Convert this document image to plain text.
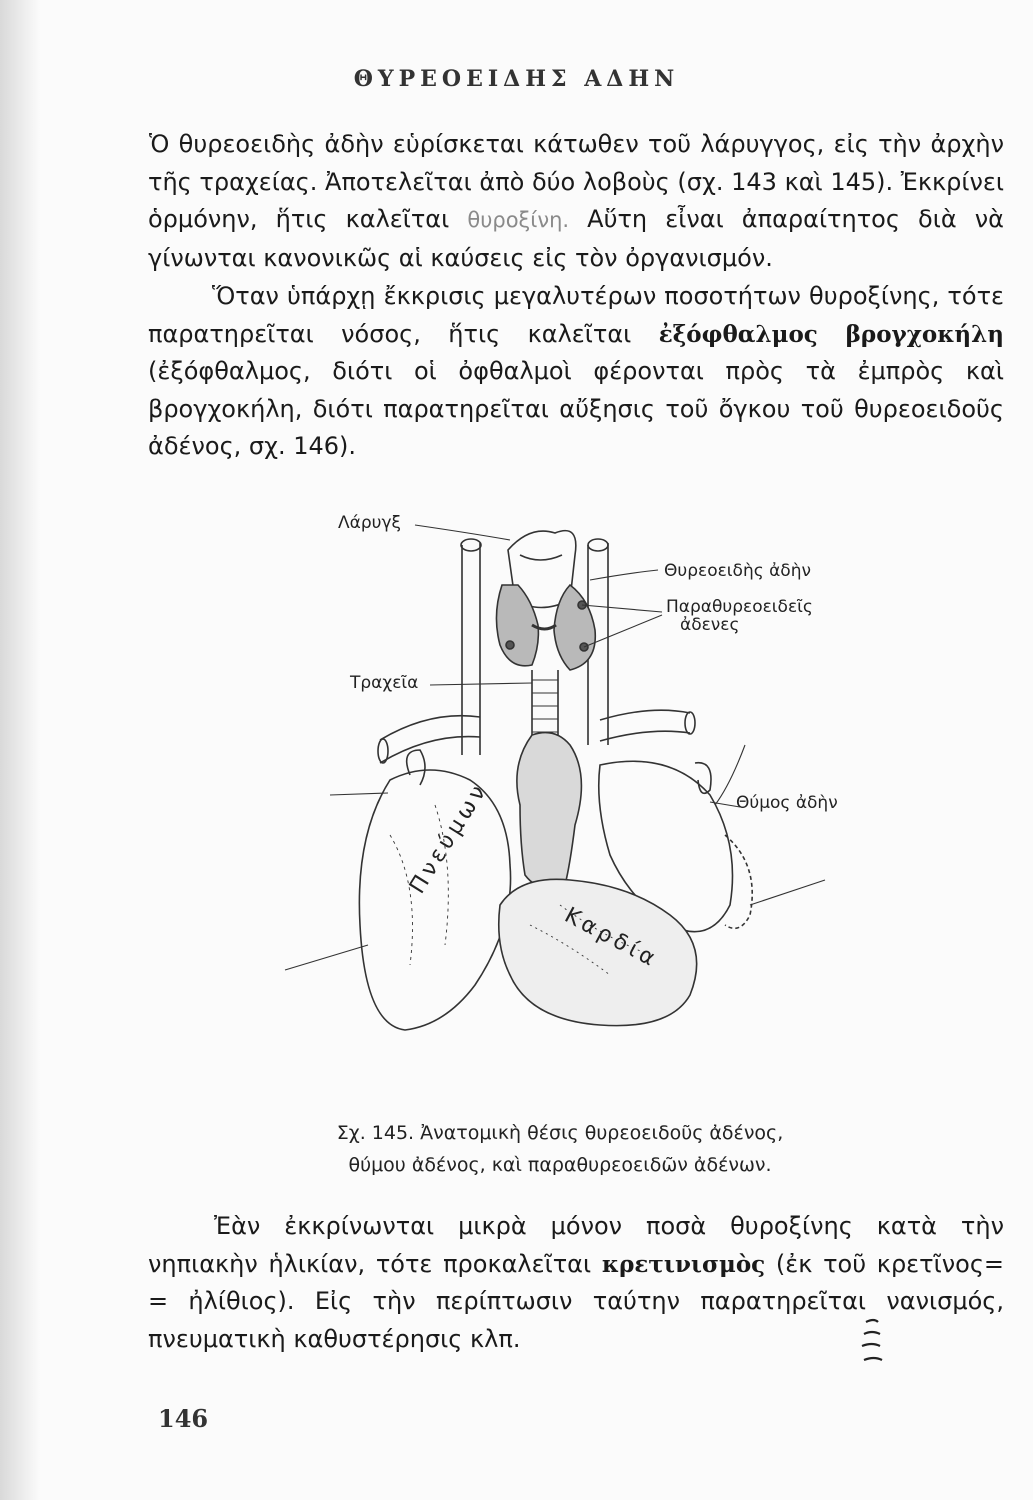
ΘΥΡΕΟΕΙΔΗΣ ΑΔΗΝ
Ὁ θυρεοειδὴς ἀδὴν εὑρίσκεται κάτωθεν τοῦ λάρυγγος, εἰς τὴν ἀρχὴν τῆς τραχείας. Ἀποτελεῖται ἀπὸ δύο λοβοὺς (σχ. 143 καὶ 145). Ἐκκρίνει ὁρμόνην, ἥτις καλεῖται θυροξίνη. Αὕτη εἶναι ἀπαραίτητος διὰ νὰ γίνωνται κανονικῶς αἱ καύσεις εἰς τὸν ὀργανισμόν.
Ὅταν ὑπάρχῃ ἔκκρισις μεγαλυτέρων ποσοτήτων θυροξίνης, τότε παρατηρεῖται νόσος, ἥτις καλεῖται ἐξόφθαλμος βρογχοκήλη (ἐξόφθαλμος, διότι οἱ ὀφθαλμοὶ φέρονται πρὸς τὰ ἐμπρὸς καὶ βρογχοκήλη, διότι παρατηρεῖται αὔξησις τοῦ ὄγκου τοῦ θυρεοειδοῦς ἀδένος, σχ. 146).
Λάρυγξ
Θυρεοειδὴς ἀδὴν
Παραθυρεοειδεῖς
ἀδενες
Τραχεῖα
Θύμος ἀδὴν
Πνεύμων
Καρδία
Σχ. 145. Ἀνατομικὴ θέσις θυρεοειδοῦς ἀδένος,
θύμου ἀδένος, καὶ παραθυρεοειδῶν ἀδένων.
Ἐὰν ἐκκρίνωνται μικρὰ μόνον ποσὰ θυροξίνης κατὰ τὴν νηπιακὴν ἡλικίαν, τότε προκαλεῖται κρετινισμὸς (ἐκ τοῦ κρετῖνος= = ἠλίθιος). Εἰς τὴν περίπτωσιν ταύτην παρατηρεῖται νανισμός, πνευματικὴ καθυστέρησις κλπ.
146
